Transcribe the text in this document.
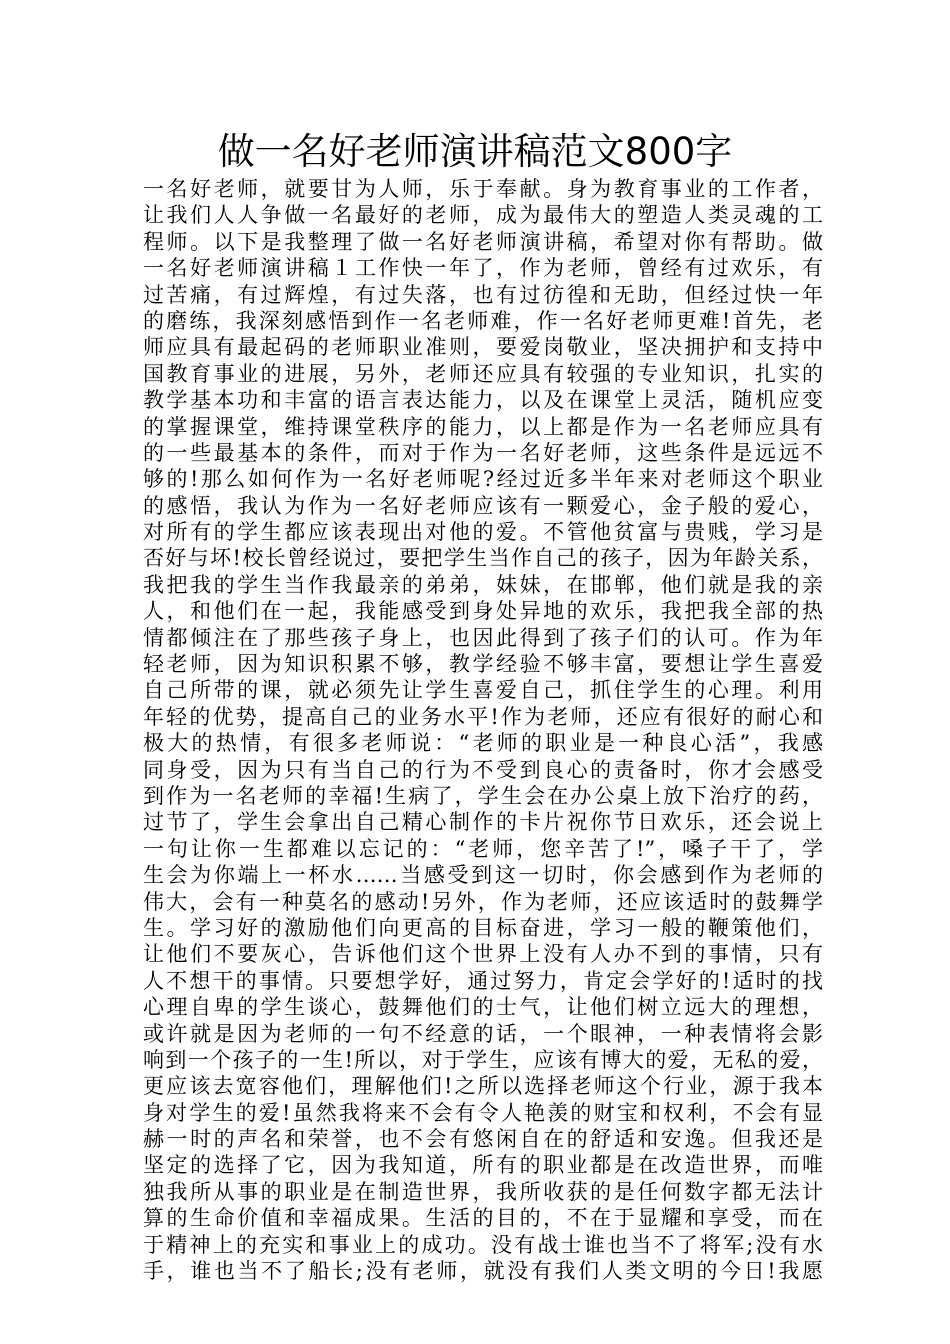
做一名好老师演讲稿范文800字
一名好老师，就要甘为人师，乐于奉献。身为教育事业的工作者，
让我们人人争做一名最好的老师，成为最伟大的塑造人类灵魂的工
程师。以下是我整理了做一名好老师演讲稿，希望对你有帮助。做
一名好老师演讲稿１工作快一年了，作为老师，曾经有过欢乐，有
过苦痛，有过辉煌，有过失落，也有过彷徨和无助，但经过快一年
的磨练，我深刻感悟到作一名老师难，作一名好老师更难!首先，老
师应具有最起码的老师职业准则，要爱岗敬业，坚决拥护和支持中
国教育事业的进展，另外，老师还应具有较强的专业知识，扎实的
教学基本功和丰富的语言表达能力，以及在课堂上灵活，随机应变
的掌握课堂，维持课堂秩序的能力，以上都是作为一名老师应具有
的一些最基本的条件，而对于作为一名好老师，这些条件是远远不
够的!那么如何作为一名好老师呢?经过近多半年来对老师这个职业
的感悟，我认为作为一名好老师应该有一颗爱心，金子般的爱心，
对所有的学生都应该表现出对他的爱。不管他贫富与贵贱，学习是
否好与坏!校长曾经说过，要把学生当作自己的孩子，因为年龄关系，
我把我的学生当作我最亲的弟弟，妹妹，在邯郸，他们就是我的亲
人，和他们在一起，我能感受到身处异地的欢乐，我把我全部的热
情都倾注在了那些孩子身上，也因此得到了孩子们的认可。作为年
轻老师，因为知识积累不够，教学经验不够丰富，要想让学生喜爱
自己所带的课，就必须先让学生喜爱自己，抓住学生的心理。利用
年轻的优势，提高自己的业务水平!作为老师，还应有很好的耐心和
极大的热情，有很多老师说：“老师的职业是一种良心活”，我感
同身受，因为只有当自己的行为不受到良心的责备时，你才会感受
到作为一名老师的幸福!生病了，学生会在办公桌上放下治疗的药，
过节了，学生会拿出自己精心制作的卡片祝你节日欢乐，还会说上
一句让你一生都难以忘记的：“老师，您辛苦了!”，嗓子干了，学
生会为你端上一杯水……当感受到这一切时，你会感到作为老师的
伟大，会有一种莫名的感动!另外，作为老师，还应该适时的鼓舞学
生。学习好的激励他们向更高的目标奋进，学习一般的鞭策他们，
让他们不要灰心，告诉他们这个世界上没有人办不到的事情，只有
人不想干的事情。只要想学好，通过努力，肯定会学好的!适时的找
心理自卑的学生谈心，鼓舞他们的士气，让他们树立远大的理想，
或许就是因为老师的一句不经意的话，一个眼神，一种表情将会影
响到一个孩子的一生!所以，对于学生，应该有博大的爱，无私的爱，
更应该去宽容他们，理解他们!之所以选择老师这个行业，源于我本
身对学生的爱!虽然我将来不会有令人艳羡的财宝和权利，不会有显
赫一时的声名和荣誉，也不会有悠闲自在的舒适和安逸。但我还是
坚定的选择了它，因为我知道，所有的职业都是在改造世界，而唯
独我所从事的职业是在制造世界，我所收获的是任何数字都无法计
算的生命价值和幸福成果。生活的目的，不在于显耀和享受，而在
于精神上的充实和事业上的成功。没有战士谁也当不了将军;没有水
手，谁也当不了船长;没有老师，就没有我们人类文明的今日!我愿
